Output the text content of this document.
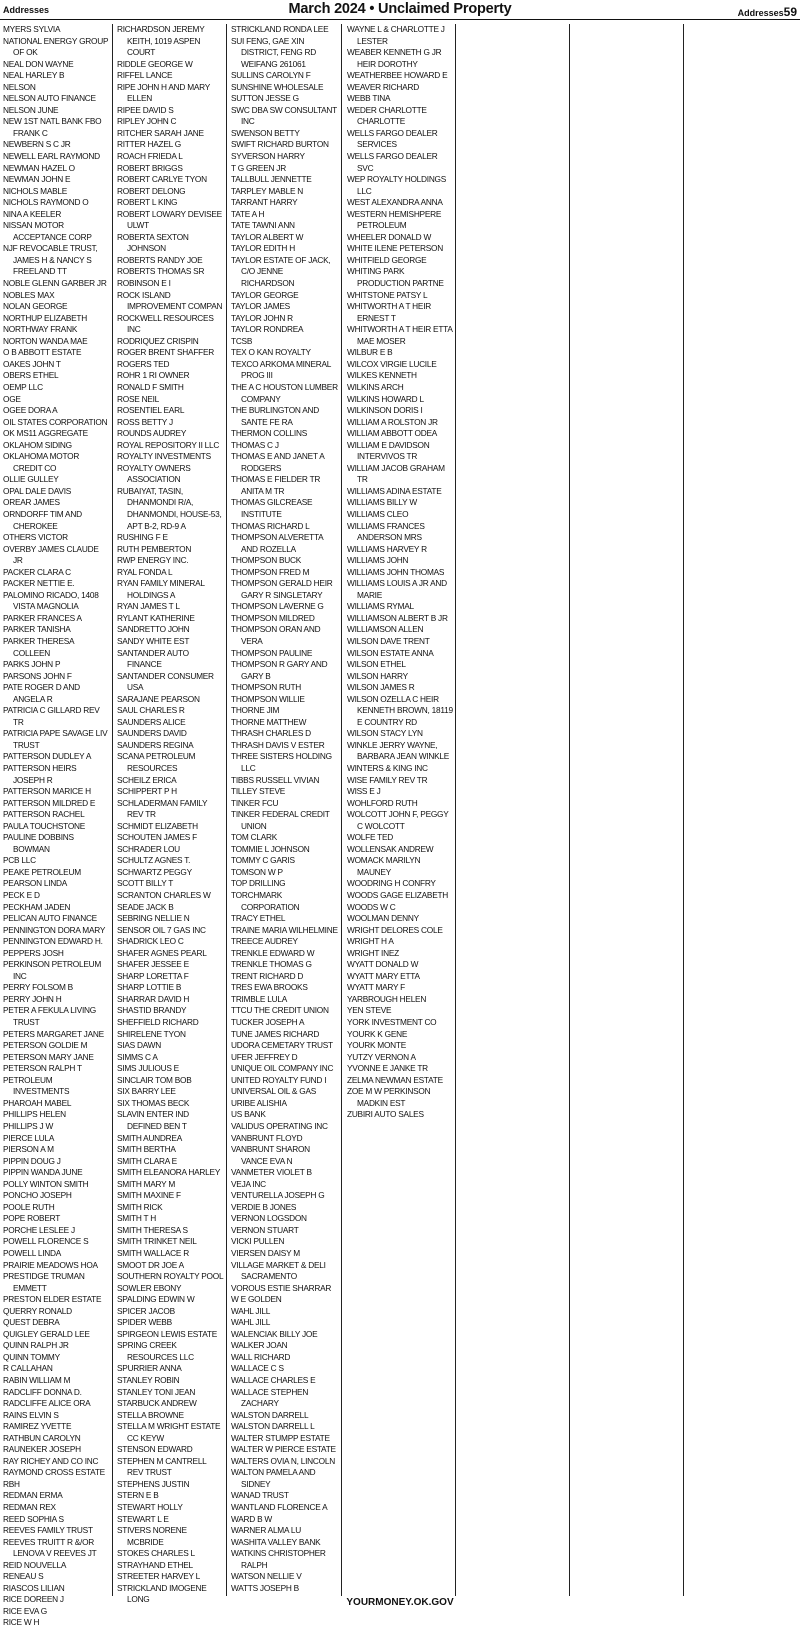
Addresses	March 2024 • Unclaimed Property	Addresses59
MYERS SYLVIA
NATIONAL ENERGY GROUP OF OK
NEAL DON WAYNE
NEAL HARLEY B
NELSON
NELSON AUTO FINANCE
NELSON JUNE
NEW 1ST NATL BANK FBO FRANK C
NEWBERN S C JR
NEWELL EARL RAYMOND
NEWMAN HAZEL O
NEWMAN JOHN E
NICHOLS MABLE
NICHOLS RAYMOND O
NINA A KEELER
NISSAN MOTOR ACCEPTANCE CORP
NJF REVOCABLE TRUST, JAMES H & NANCY S FREELAND TT
NOBLE GLENN GARBER JR
NOBLES MAX
NOLAN GEORGE
NORTHUP ELIZABETH
NORTHWAY FRANK
NORTON WANDA MAE
O B ABBOTT ESTATE
OAKES JOHN T
OBERS ETHEL
OEMP LLC
OGE
OGEE DORA A
OIL STATES CORPORATION
OK MS11 AGGREGATE
OKLAHOM SIDING
OKLAHOMA MOTOR CREDIT CO
OLLIE GULLEY
OPAL DALE DAVIS
OREAR JAMES
ORNDORFF TIM AND CHEROKEE
OTHERS VICTOR
OVERBY JAMES CLAUDE JR
PACKER CLARA C
PACKER NETTIE E.
PALOMINO RICADO, 1408 VISTA MAGNOLIA
PARKER FRANCES A
PARKER TANISHA
PARKER THERESA COLLEEN
PARKS JOHN P
PARSONS JOHN F
PATE ROGER D AND ANGELA R
PATRICIA C GILLARD REV TR
PATRICIA PAPE SAVAGE LIV TRUST
PATTERSON DUDLEY A
PATTERSON HEIRS JOSEPH R
PATTERSON MARICE H
PATTERSON MILDRED E
PATTERSON RACHEL
PAULA TOUCHSTONE
PAULINE DOBBINS BOWMAN
PCB LLC
PEAKE PETROLEUM
PEARSON LINDA
PECK E D
PECKHAM JADEN
PELICAN AUTO FINANCE
PENNINGTON DORA MARY
PENNINGTON EDWARD H.
PEPPERS JOSH
PERKINSON PETROLEUM INC
PERRY FOLSOM B
PERRY JOHN H
PETER A FEKULA LIVING TRUST
PETERS MARGARET JANE
PETERSON GOLDIE M
PETERSON MARY JANE
PETERSON RALPH T
PETROLEUM INVESTMENTS
PHAROAH MABEL
PHILLIPS HELEN
PHILLIPS J W
PIERCE LULA
PIERSON A M
PIPPIN DOUG J
PIPPIN WANDA JUNE
POLLY WINTON SMITH
PONCHO JOSEPH
POOLE RUTH
POPE ROBERT
PORCHE LESLEE J
POWELL FLORENCE S
POWELL LINDA
PRAIRIE MEADOWS HOA
PRESTIDGE TRUMAN EMMETT
PRESTON ELDER ESTATE
QUERRY RONALD
QUEST DEBRA
QUIGLEY GERALD LEE
QUINN RALPH JR
QUINN TOMMY
R CALLAHAN
RABIN WILLIAM M
RADCLIFF DONNA D.
RADCLIFFE ALICE ORA
RAINS ELVIN S
RAMIREZ YVETTE
RATHBUN CAROLYN
RAUNEKER JOSEPH
RAY RICHEY AND CO INC
RAYMOND CROSS ESTATE
RBH
REDMAN ERMA
REDMAN REX
REED SOPHIA S
REEVES FAMILY TRUST
REEVES TRUITT R &/OR LENOVA V REEVES JT
REID NOUVELLA
RENEAU S
RIASCOS LILIAN
RICE DOREEN J
RICE EVA G
RICE W H
RICHARDSON JEREMY KEITH, 1019 ASPEN COURT
RIDDLE GEORGE W
RIFFEL LANCE
RIPE JOHN H AND MARY ELLEN
RIPEE DAVID S
RIPLEY JOHN C
RITCHER SARAH JANE
RITTER HAZEL G
ROACH FRIEDA L
ROBERT BRIGGS
ROBERT CARLYE TYON
ROBERT DELONG
ROBERT L KING
ROBERT LOWARY DEVISEE ULWT
ROBERTA SEXTON JOHNSON
ROBERTS RANDY JOE
ROBERTS THOMAS SR
ROBINSON E I
ROCK ISLAND IMPROVEMENT COMPAN
ROCKWELL RESOURCES INC
RODRIQUEZ CRISPIN
ROGER BRENT SHAFFER
ROGERS TED
ROHR 1 RI OWNER
RONALD F SMITH
ROSE NEIL
ROSENTIEL EARL
ROSS BETTY J
ROUNDS AUDREY
ROYAL REPOSITORY II LLC
ROYALTY INVESTMENTS
ROYALTY OWNERS ASSOCIATION
RUBAIYAT, TASIN, DHANMONDI R/A, DHANMONDI, HOUSE-53, APT B-2, RD-9 A
RUSHING F E
RUTH PEMBERTON
RWP ENERGY INC.
RYAL FONDA L
RYAN FAMILY MINERAL HOLDINGS A
RYAN JAMES T L
RYLANT KATHERINE
SANDRETTO JOHN
SANDY WHITE EST
SANTANDER AUTO FINANCE
SANTANDER CONSUMER USA
SARAJANE PEARSON
SAUL CHARLES R
SAUNDERS ALICE
SAUNDERS DAVID
SAUNDERS REGINA
SCANA PETROLEUM RESOURCES
SCHEILZ ERICA
SCHIPPERT P H
SCHLADERMAN FAMILY REV TR
SCHMIDT ELIZABETH
SCHOUTEN JAMES F
SCHRADER LOU
SCHULTZ AGNES T.
SCHWARTZ PEGGY
SCOTT BILLY T
SCRANTON CHARLES W
SEADE JACK B
SEBRING NELLIE N
SENSOR OIL 7 GAS INC
SHADRICK LEO C
SHAFER AGNES PEARL
SHAFER JESSEE E
SHARP LORETTA F
SHARP LOTTIE B
SHARRAR DAVID H
SHASTID BRANDY
SHEFFIELD RICHARD
SHIRELENE TYON
SIAS DAWN
SIMMS C A
SIMS JULIOUS E
SINCLAIR TOM BOB
SIX BARRY LEE
SIX THOMAS BECK
SLAVIN ENTER IND DEFINED BEN T
SMITH AUNDREA
SMITH BERTHA
SMITH CLARA E
SMITH ELEANORA HARLEY
SMITH MARY M
SMITH MAXINE F
SMITH RICK
SMITH T H
SMITH THERESA S
SMITH TRINKET NEIL
SMITH WALLACE R
SMOOT DR JOE A
SOUTHERN ROYALTY POOL
SOWLER EBONY
SPALDING EDWIN W
SPICER JACOB
SPIDER WEBB
SPIRGEON LEWIS ESTATE
SPRING CREEK RESOURCES LLC
SPURRIER ANNA
STANLEY ROBIN
STANLEY TONI JEAN
STARBUCK ANDREW
STELLA BROWNE
STELLA M WRIGHT ESTATE CC KEYW
STENSON EDWARD
STEPHEN M CANTRELL REV TRUST
STEPHENS JUSTIN
STERN E B
STEWART HOLLY
STEWART L E
STIVERS NORENE MCBRIDE
STOKES CHARLES L
STRAYHAND ETHEL
STREETER HARVEY L
STRICKLAND IMOGENE LONG
STRICKLAND RONDA LEE
SUI FENG, GAE XIN DISTRICT, FENG RD WEIFANG 261061
SULLINS CAROLYN F
SUNSHINE WHOLESALE
SUTTON JESSE G
SWC DBA SW CONSULTANT INC
SWENSON BETTY
SWIFT RICHARD BURTON
SYVERSON HARRY
T G GREEN JR
TALLBULL JENNETTE
TARPLEY MABLE N
TARRANT HARRY
TATE A H
TATE TAWNI ANN
TAYLOR ALBERT W
TAYLOR EDITH H
TAYLOR ESTATE OF JACK, C/O JENNE RICHARDSON
TAYLOR GEORGE
TAYLOR JAMES
TAYLOR JOHN R
TAYLOR RONDREA
TCSB
TEX O KAN ROYALTY
TEXCO ARKOMA MINERAL PROG III
THE A C HOUSTON LUMBER COMPANY
THE BURLINGTON AND SANTE FE RA
THERMON COLLINS
THOMAS C J
THOMAS E AND JANET A RODGERS
THOMAS E FIELDER TR ANITA M TR
THOMAS GILCREASE INSTITUTE
THOMAS RICHARD L
THOMPSON ALVERETTA AND ROZELLA
THOMPSON BUCK
THOMPSON FRED M
THOMPSON GERALD HEIR GARY R SINGLETARY
THOMPSON LAVERNE G
THOMPSON MILDRED
THOMPSON ORAN AND VERA
THOMPSON PAULINE
THOMPSON R GARY AND GARY B
THOMPSON RUTH
THOMPSON WILLIE
THORNE JIM
THORNE MATTHEW
THRASH CHARLES D
THRASH DAVIS V ESTER
THREE SISTERS HOLDING LLC
TIBBS RUSSELL VIVIAN
TILLEY STEVE
TINKER FCU
TINKER FEDERAL CREDIT UNION
TOM CLARK
TOMMIE L JOHNSON
TOMMY C GARIS
TOMSON W P
TOP DRILLING
TORCHMARK CORPORATION
TRACY ETHEL
TRAINE MARIA WILHELMINE
TREECE AUDREY
TRENKLE EDWARD W
TRENKLE THOMAS G
TRENT RICHARD D
TRES EWA BROOKS
TRIMBLE LULA
TTCU THE CREDIT UNION
TUCKER JOSEPH A
TUNE JAMES RICHARD
UDORA CEMETARY TRUST
UFER JEFFREY D
UNIQUE OIL COMPANY INC
UNITED ROYALTY FUND I
UNIVERSAL OIL & GAS
URIBE ALISHIA
US BANK
VALIDUS OPERATING INC
VANBRUNT FLOYD
VANBRUNT SHARON VANCE EVA N
VANMETER VIOLET B
VEJA INC
VENTURELLA JOSEPH G
VERDIE B JONES
VERNON LOGSDON
VERNON STUART
VICKI PULLEN
VIERSEN DAISY M
VILLAGE MARKET & DELI SACRAMENTO
VOROUS ESTIE SHARRAR
W E GOLDEN
WAHL JILL
WAHL JILL
WALENCIAK BILLY JOE
WALKER JOAN
WALL RICHARD
WALLACE C S
WALLACE CHARLES E
WALLACE STEPHEN ZACHARY
WALSTON DARRELL
WALSTON DARRELL L
WALTER STUMPP ESTATE
WALTER W PIERCE ESTATE
WALTERS OVIA N, LINCOLN
WALTON PAMELA AND SIDNEY
WANAD TRUST
WANTLAND FLORENCE A
WARD B W
WARNER ALMA LU
WASHITA VALLEY BANK
WATKINS CHRISTOPHER RALPH
WATSON NELLIE V
WATTS JOSEPH B
WAYNE L & CHARLOTTE J LESTER
WEABER KENNETH G JR HEIR DOROTHY
WEATHERBEE HOWARD E
WEAVER RICHARD
WEBB TINA
WEDER CHARLOTTE CHARLOTTE
WELLS FARGO DEALER SERVICES
WELLS FARGO DEALER SVC
WEP ROYALTY HOLDINGS LLC
WEST ALEXANDRA ANNA
WESTERN HEMISHPERE PETROLEUM
WHEELER DONALD W
WHITE ILENE PETERSON
WHITFIELD GEORGE
WHITING PARK PRODUCTION PARTNE
WHITSTONE PATSY L
WHITWORTH A T HEIR ERNEST T
WHITWORTH A T HEIR ETTA MAE MOSER
WILBUR E B
WILCOX VIRGIE LUCILE
WILKES KENNETH
WILKINS ARCH
WILKINS HOWARD L
WILKINSON DORIS I
WILLIAM A ROLSTON JR
WILLIAM ABBOTT ODEA
WILLIAM E DAVIDSON INTERVIVOS TR
WILLIAM JACOB GRAHAM TR
WILLIAMS ADINA ESTATE
WILLIAMS BILLY W
WILLIAMS CLEO
WILLIAMS FRANCES ANDERSON MRS
WILLIAMS HARVEY R
WILLIAMS JOHN
WILLIAMS JOHN THOMAS
WILLIAMS LOUIS A JR AND MARIE
WILLIAMS RYMAL
WILLIAMSON ALBERT B JR
WILLIAMSON ALLEN
WILSON DAVE TRENT
WILSON ESTATE ANNA
WILSON ETHEL
WILSON HARRY
WILSON JAMES R
WILSON OZELLA C HEIR KENNETH BROWN, 18119 E COUNTRY RD
WILSON STACY LYN
WINKLE JERRY WAYNE, BARBARA JEAN WINKLE
WINTERS & KING INC
WISE FAMILY REV TR
WISS E J
WOHLFORD RUTH
WOLCOTT JOHN F, PEGGY C WOLCOTT
WOLFE TED
WOLLENSAK ANDREW
WOMACK MARILYN MAUNEY
WOODRING H CONFRY
WOODS GAGE ELIZABETH
WOODS W C
WOOLMAN DENNY
WRIGHT DELORES COLE
WRIGHT H A
WRIGHT INEZ
WYATT DONALD W
WYATT MARY ETTA
WYATT MARY F
YARBROUGH HELEN
YEN STEVE
YORK INVESTMENT CO
YOURK K GENE
YOURK MONTE
YUTZY VERNON A
YVONNE E JANKE TR
ZELMA NEWMAN ESTATE
ZOE M W PERKINSON MADKIN EST
ZUBIRI AUTO SALES
YOURMONEY.OK.GOV
